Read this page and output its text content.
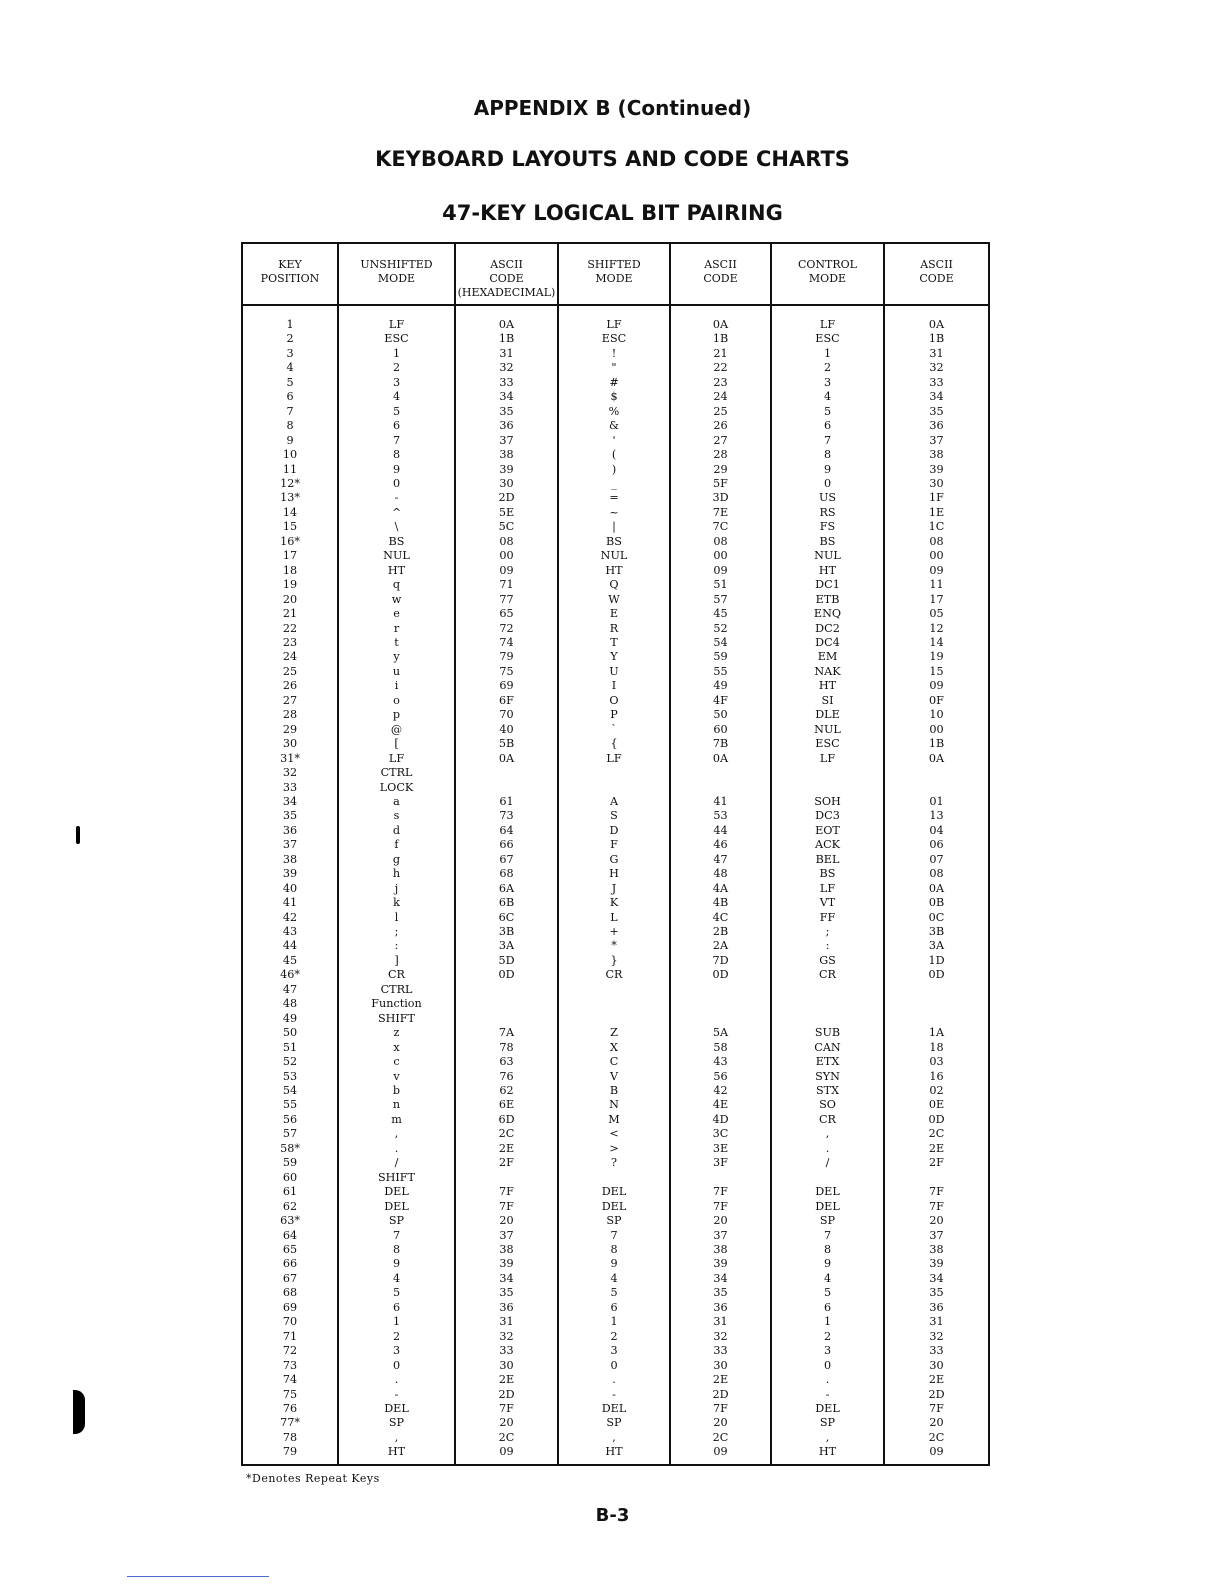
APPENDIX B (Continued)
KEYBOARD LAYOUTS AND CODE CHARTS
47-KEY LOGICAL BIT PAIRING
KEY
POSITION
1
2
3
4
5
6
7
8
9
10
11
12*
13*
14
15
16*
17
18
19
20
21
22
23
24
25
26
27
28
29
30
31*
32
33
34
35
36
37
38
39
40
41
42
43
44
45
46*
47
48
49
50
51
52
53
54
55
56
57
58*
59
60
61
62
63*
64
65
66
67
68
69
70
71
72
73
74
75
76
77*
78
79
UNSHIFTED
MODE
LF
ESC
1
2
3
4
5
6
7
8
9
0
-
^
\
BS
NUL
HT
q
w
e
r
t
y
u
i
o
p
@
[
LF
CTRL
LOCK
a
s
d
f
g
h
j
k
l
;
:
]
CR
CTRL
Function
SHIFT
z
x
c
v
b
n
m
,
.
/
SHIFT
DEL
DEL
SP
7
8
9
4
5
6
1
2
3
0
.
-
DEL
SP
,
HT
ASCII
CODE
(HEXADECIMAL)
0A
1B
31
32
33
34
35
36
37
38
39
30
2D
5E
5C
08
00
09
71
77
65
72
74
79
75
69
6F
70
40
5B
0A
61
73
64
66
67
68
6A
6B
6C
3B
3A
5D
0D
7A
78
63
76
62
6E
6D
2C
2E
2F
7F
7F
20
37
38
39
34
35
36
31
32
33
30
2E
2D
7F
20
2C
09
SHIFTED
MODE
LF
ESC
!
"
#
$
%
&
'
(
)
_
=
~
|
BS
NUL
HT
Q
W
E
R
T
Y
U
I
O
P
`
{
LF
A
S
D
F
G
H
J
K
L
+
*
}
CR
Z
X
C
V
B
N
M
<
>
?
DEL
DEL
SP
7
8
9
4
5
6
1
2
3
0
.
-
DEL
SP
,
HT
ASCII
CODE
0A
1B
21
22
23
24
25
26
27
28
29
5F
3D
7E
7C
08
00
09
51
57
45
52
54
59
55
49
4F
50
60
7B
0A
41
53
44
46
47
48
4A
4B
4C
2B
2A
7D
0D
5A
58
43
56
42
4E
4D
3C
3E
3F
7F
7F
20
37
38
39
34
35
36
31
32
33
30
2E
2D
7F
20
2C
09
CONTROL
MODE
LF
ESC
1
2
3
4
5
6
7
8
9
0
US
RS
FS
BS
NUL
HT
DC1
ETB
ENQ
DC2
DC4
EM
NAK
HT
SI
DLE
NUL
ESC
LF
SOH
DC3
EOT
ACK
BEL
BS
LF
VT
FF
;
:
GS
CR
SUB
CAN
ETX
SYN
STX
SO
CR
,
.
/
DEL
DEL
SP
7
8
9
4
5
6
1
2
3
0
.
-
DEL
SP
,
HT
ASCII
CODE
0A
1B
31
32
33
34
35
36
37
38
39
30
1F
1E
1C
08
00
09
11
17
05
12
14
19
15
09
0F
10
00
1B
0A
01
13
04
06
07
08
0A
0B
0C
3B
3A
1D
0D
1A
18
03
16
02
0E
0D
2C
2E
2F
7F
7F
20
37
38
39
34
35
36
31
32
33
30
2E
2D
7F
20
2C
09
*Denotes Repeat Keys
B-3
